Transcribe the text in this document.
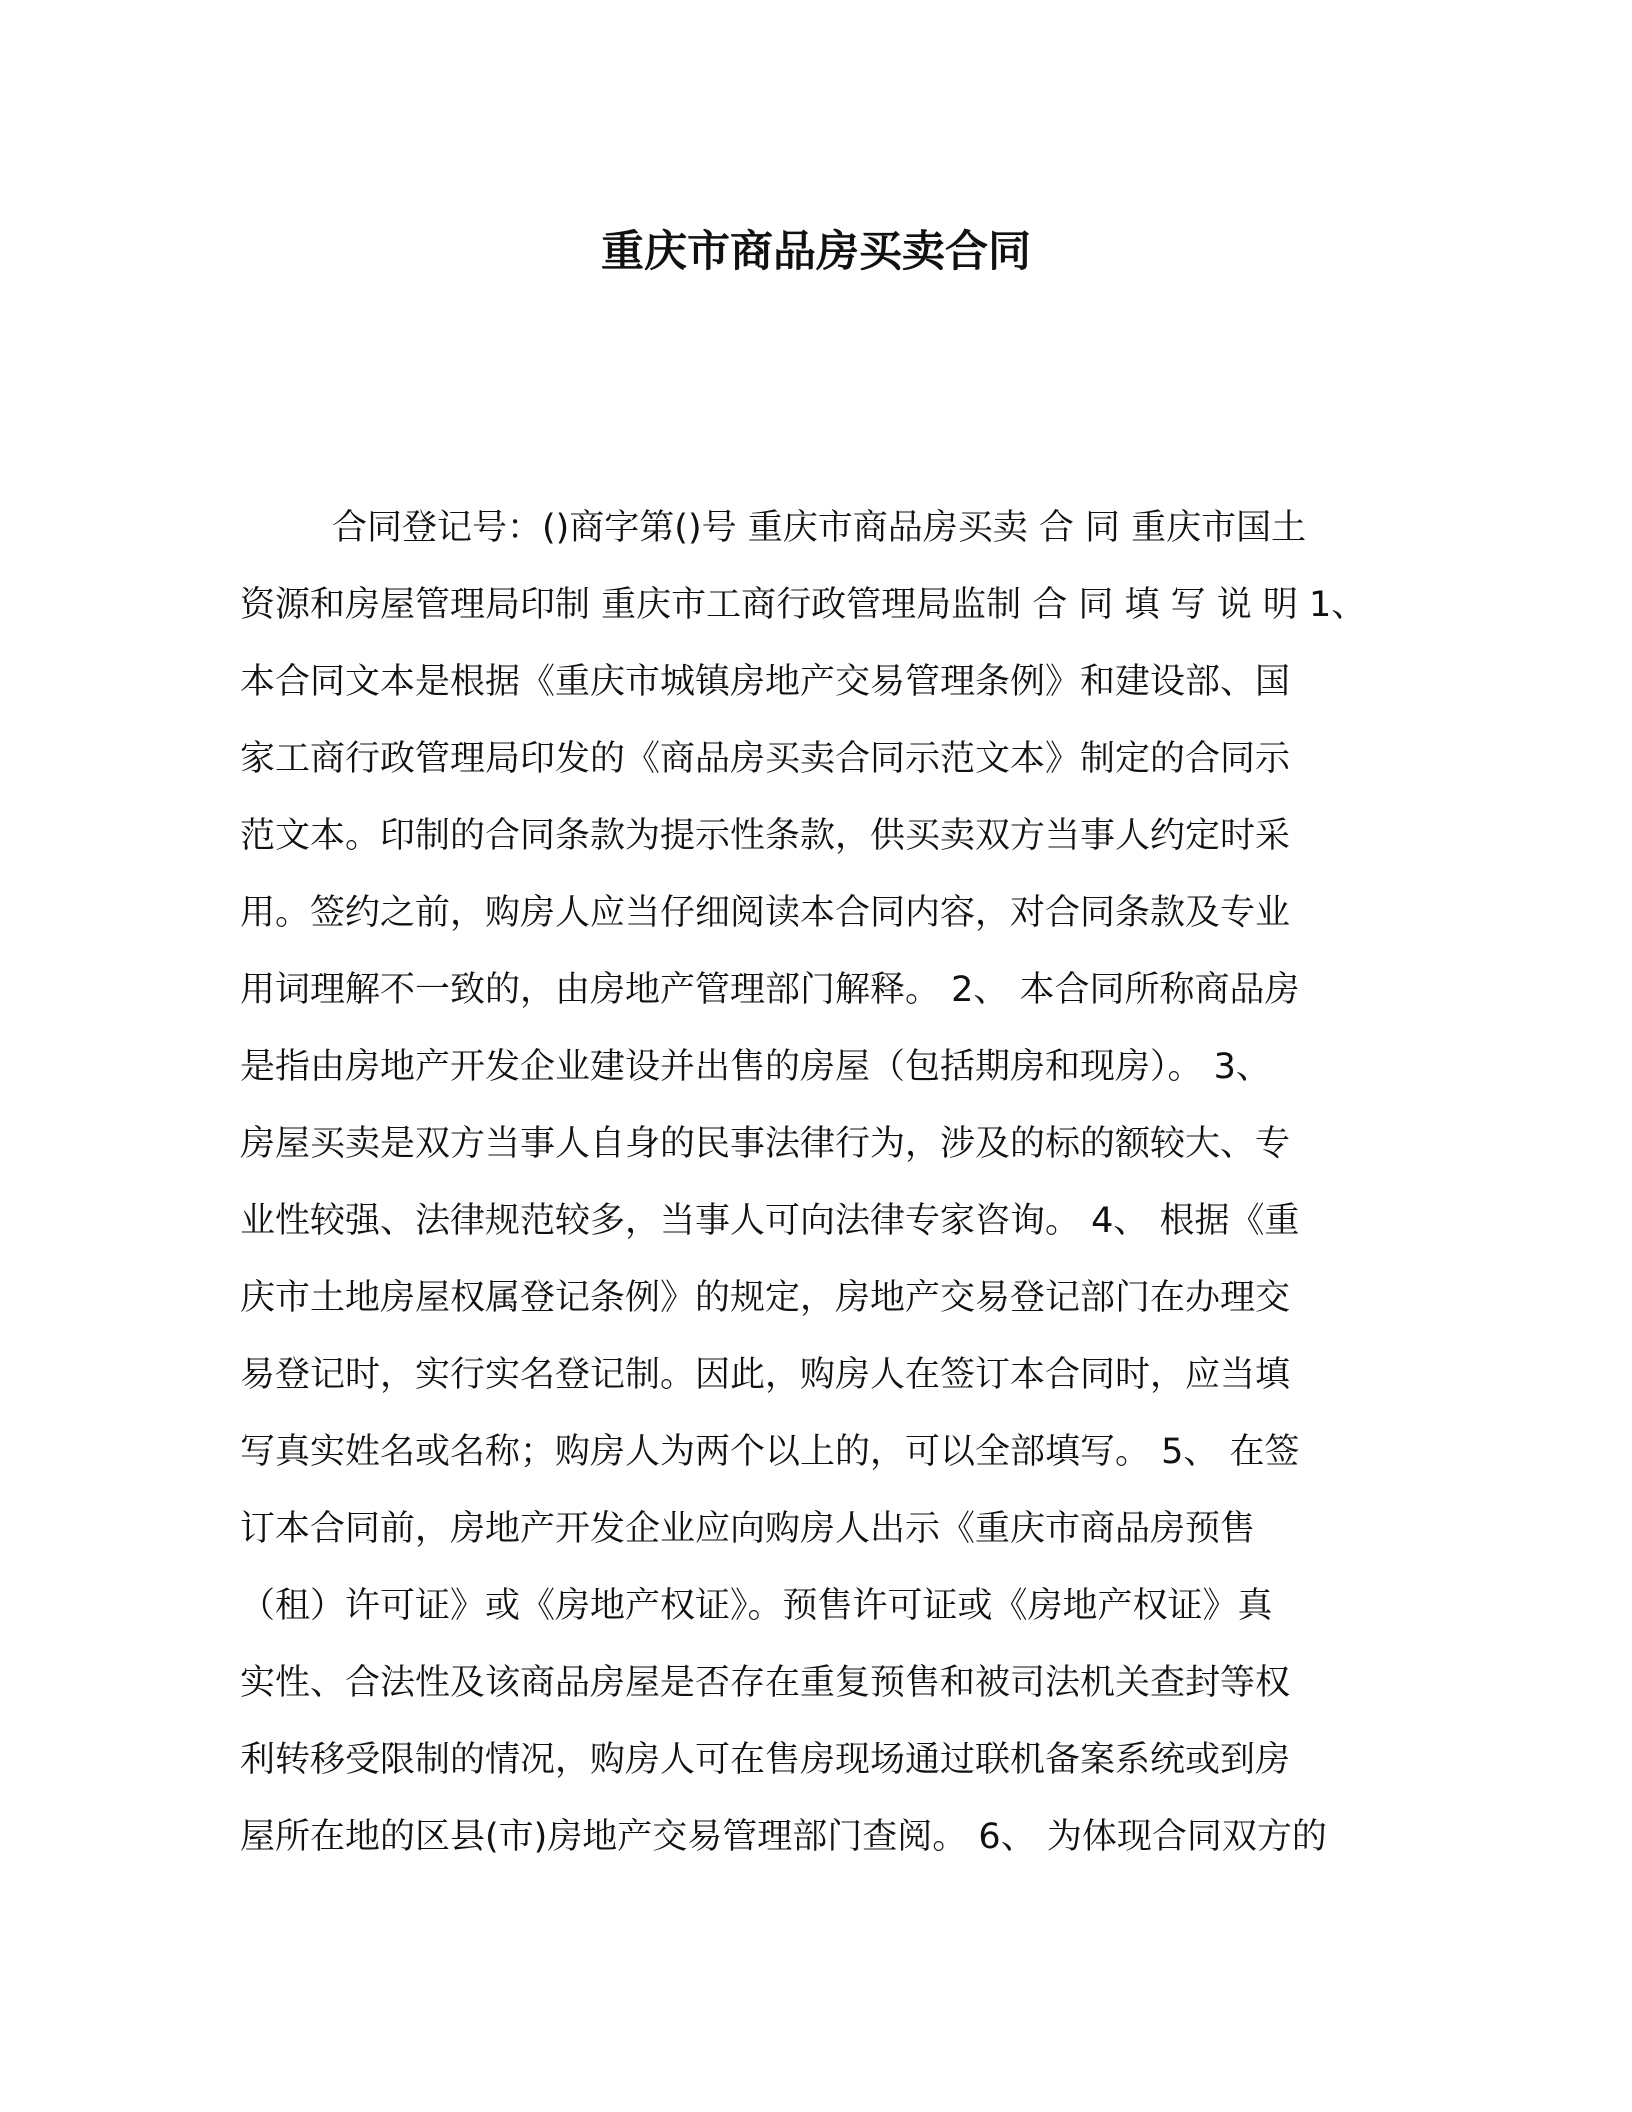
重庆市商品房买卖合同
合同登记号：()商字第()号 重庆市商品房买卖 合 同 重庆市国土
资源和房屋管理局印制 重庆市工商行政管理局监制 合 同 填 写 说 明 1、
本合同文本是根据《重庆市城镇房地产交易管理条例》和建设部、国
家工商行政管理局印发的《商品房买卖合同示范文本》制定的合同示
范文本。印制的合同条款为提示性条款，供买卖双方当事人约定时采
用。签约之前，购房人应当仔细阅读本合同内容，对合同条款及专业
用词理解不一致的，由房地产管理部门解释。 2、 本合同所称商品房
是指由房地产开发企业建设并出售的房屋（包括期房和现房）。 3、
房屋买卖是双方当事人自身的民事法律行为，涉及的标的额较大、专
业性较强、法律规范较多，当事人可向法律专家咨询。 4、 根据《重
庆市土地房屋权属登记条例》的规定，房地产交易登记部门在办理交
易登记时，实行实名登记制。因此，购房人在签订本合同时，应当填
写真实姓名或名称；购房人为两个以上的，可以全部填写。 5、 在签
订本合同前，房地产开发企业应向购房人出示《重庆市商品房预售
（租）许可证》或《房地产权证》。预售许可证或《房地产权证》真
实性、合法性及该商品房屋是否存在重复预售和被司法机关查封等权
利转移受限制的情况，购房人可在售房现场通过联机备案系统或到房
屋所在地的区县(市)房地产交易管理部门查阅。 6、 为体现合同双方的
